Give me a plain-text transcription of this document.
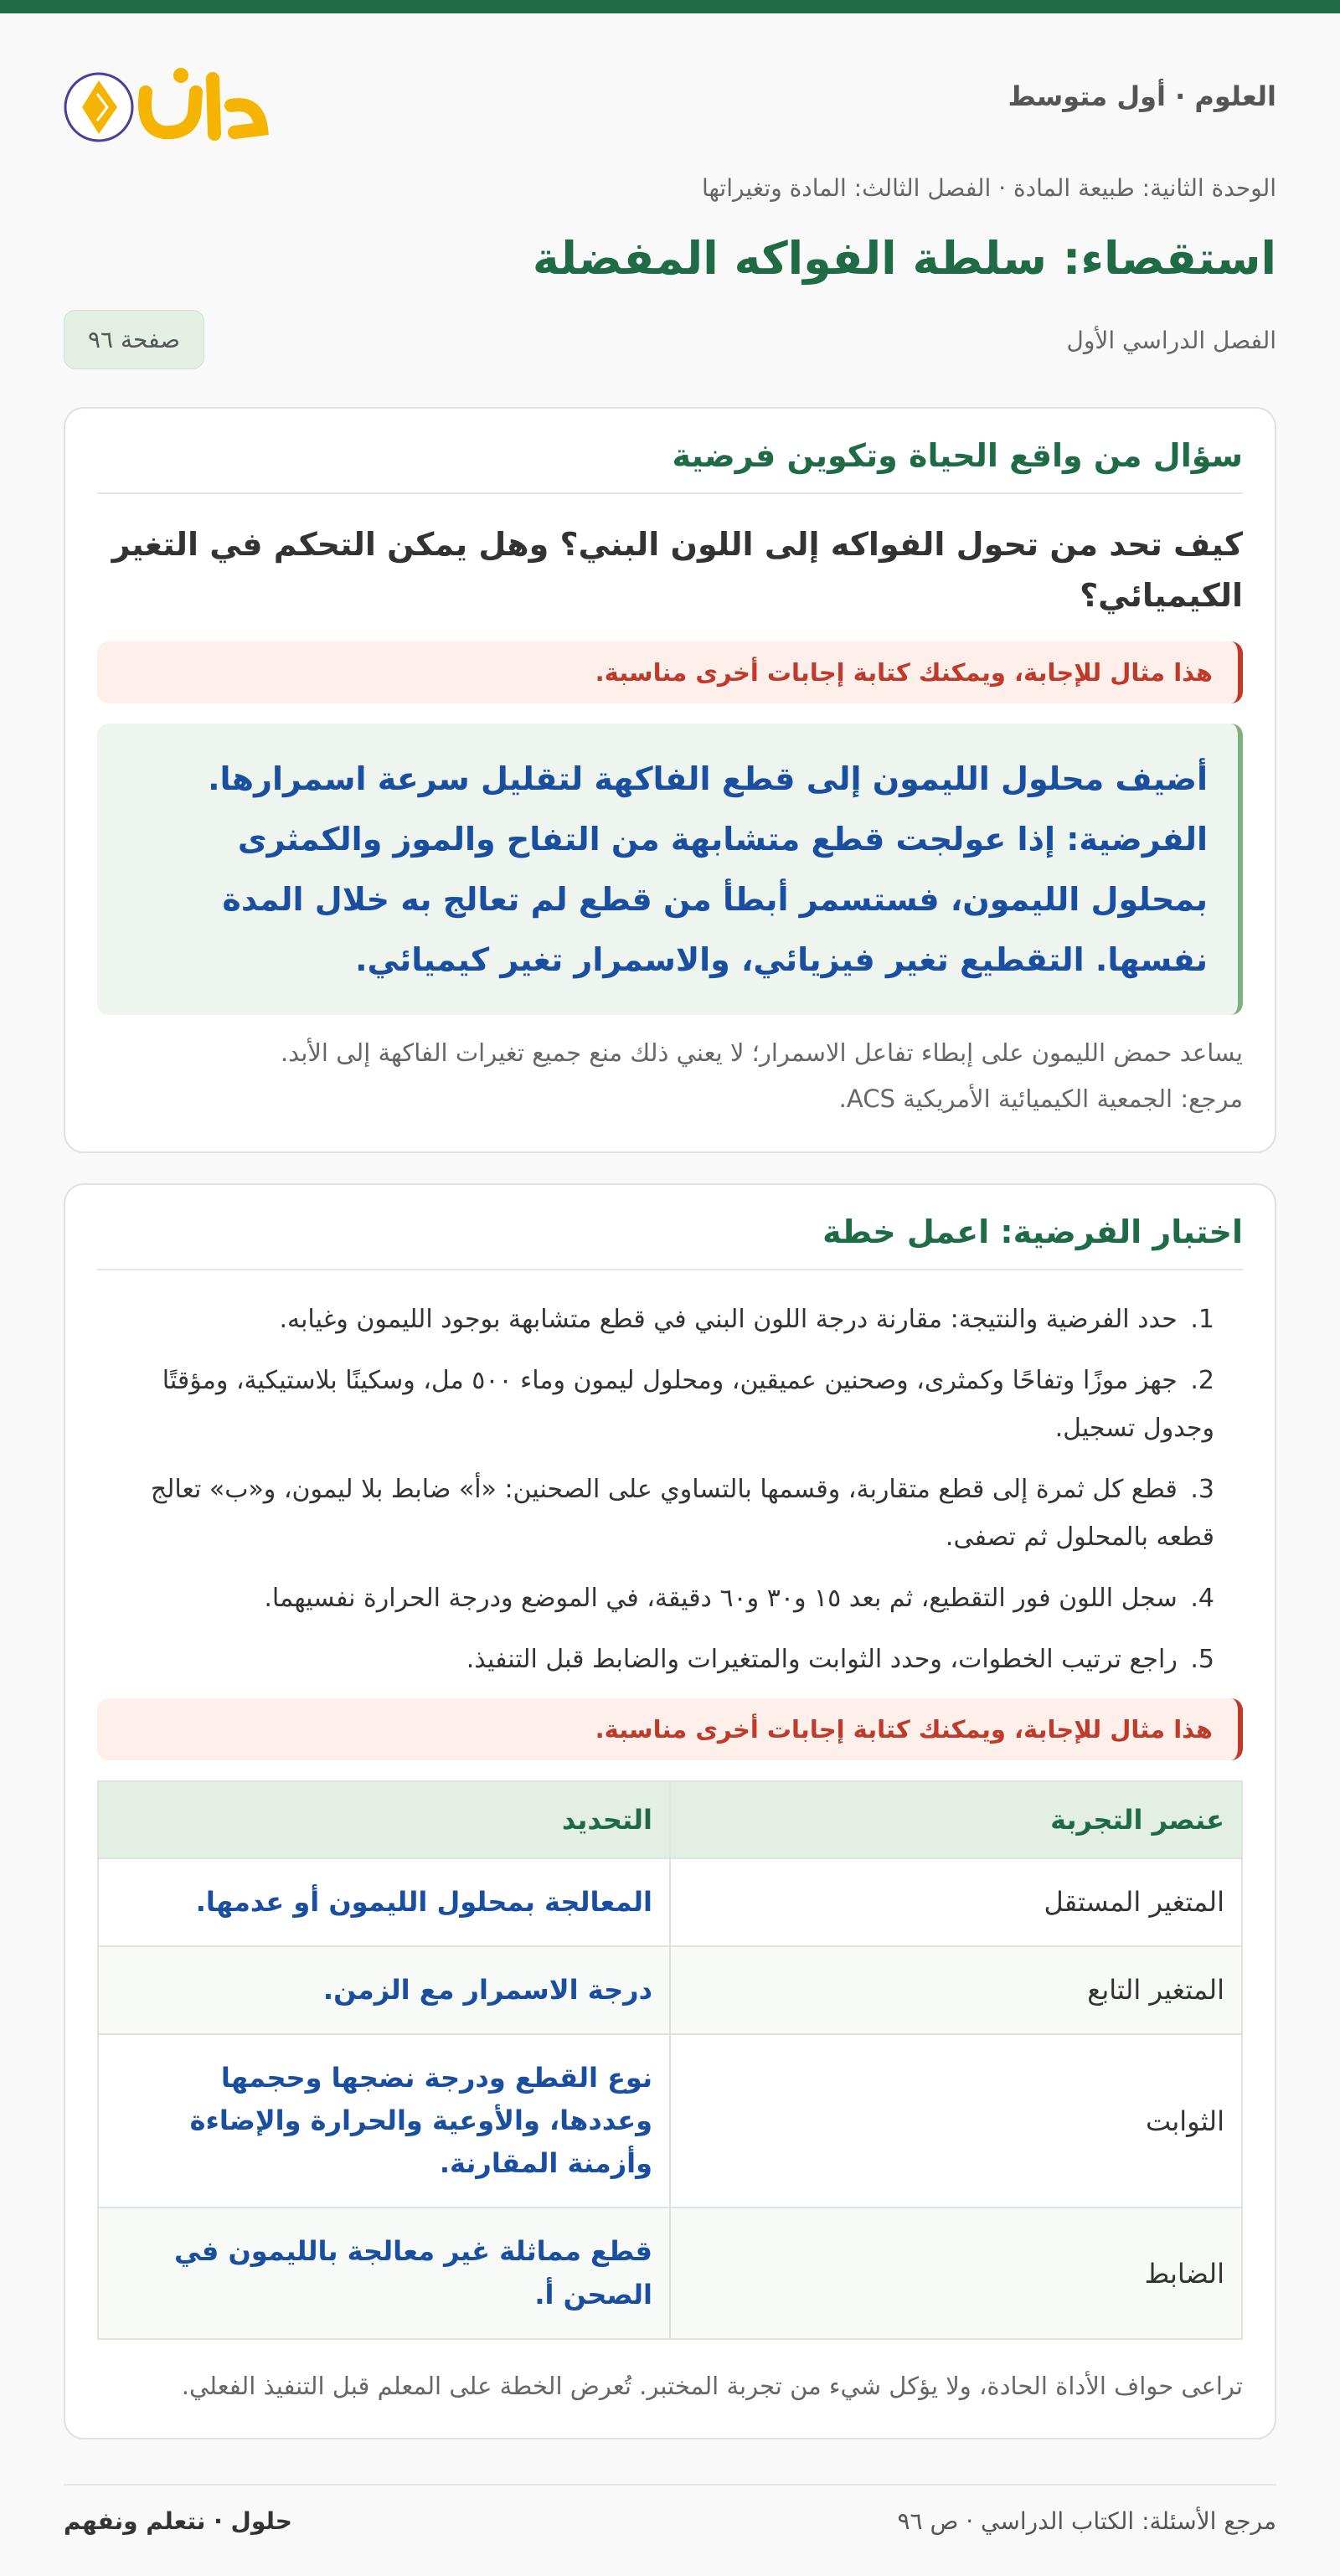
العلوم · أول متوسط
الوحدة الثانية: طبيعة المادة · الفصل الثالث: المادة وتغيراتها
استقصاء: سلطة الفواكه المفضلة
الفصل الدراسي الأول
صفحة ٩٦
سؤال من واقع الحياة وتكوين فرضية

كيف تحد من تحول الفواكه إلى اللون البني؟ وهل يمكن التحكم في التغير الكيميائي؟

هذا مثال للإجابة، ويمكنك كتابة إجابات أخرى مناسبة.

أضيف محلول الليمون إلى قطع الفاكهة لتقليل سرعة اسمرارها.

الفرضية: إذا عولجت قطع متشابهة من التفاح والموز والكمثرى بمحلول الليمون، فستسمر أبطأ من قطع لم تعالج به خلال المدة نفسها. التقطيع تغير فيزيائي، والاسمرار تغير كيميائي.

يساعد حمض الليمون على إبطاء تفاعل الاسمرار؛ لا يعني ذلك منع جميع تغيرات الفاكهة إلى الأبد.
مرجع: الجمعية الكيميائية الأمريكية ACS.
اختبار الفرضية: اعمل خطة
1. حدد الفرضية والنتيجة: مقارنة درجة اللون البني في قطع متشابهة بوجود الليمون وغيابه.
2. جهز موزًا وتفاحًا وكمثرى، وصحنين عميقين، ومحلول ليمون وماء ٥٠٠ مل، وسكينًا بلاستيكية، ومؤقتًا وجدول تسجيل.
3. قطع كل ثمرة إلى قطع متقاربة، وقسمها بالتساوي على الصحنين: «أ» ضابط بلا ليمون، و«ب» تعالج قطعه بالمحلول ثم تصفى.
4. سجل اللون فور التقطيع، ثم بعد ١٥ و٣٠ و٦٠ دقيقة، في الموضع ودرجة الحرارة نفسيهما.
5. راجع ترتيب الخطوات، وحدد الثوابت والمتغيرات والضابط قبل التنفيذ.
هذا مثال للإجابة، ويمكنك كتابة إجابات أخرى مناسبة.
عنصر التجربة	التحديد
المتغير المستقل	المعالجة بمحلول الليمون أو عدمها.
المتغير التابع	درجة الاسمرار مع الزمن.
الثوابت	نوع القطع ودرجة نضجها وحجمها وعددها، والأوعية والحرارة والإضاءة وأزمنة المقارنة.
الضابط	قطع مماثلة غير معالجة بالليمون في الصحن أ.
تراعى حواف الأداة الحادة، ولا يؤكل شيء من تجربة المختبر. تُعرض الخطة على المعلم قبل التنفيذ الفعلي.
مرجع الأسئلة: الكتاب الدراسي · ص ٩٦
حلول · نتعلم ونفهم
